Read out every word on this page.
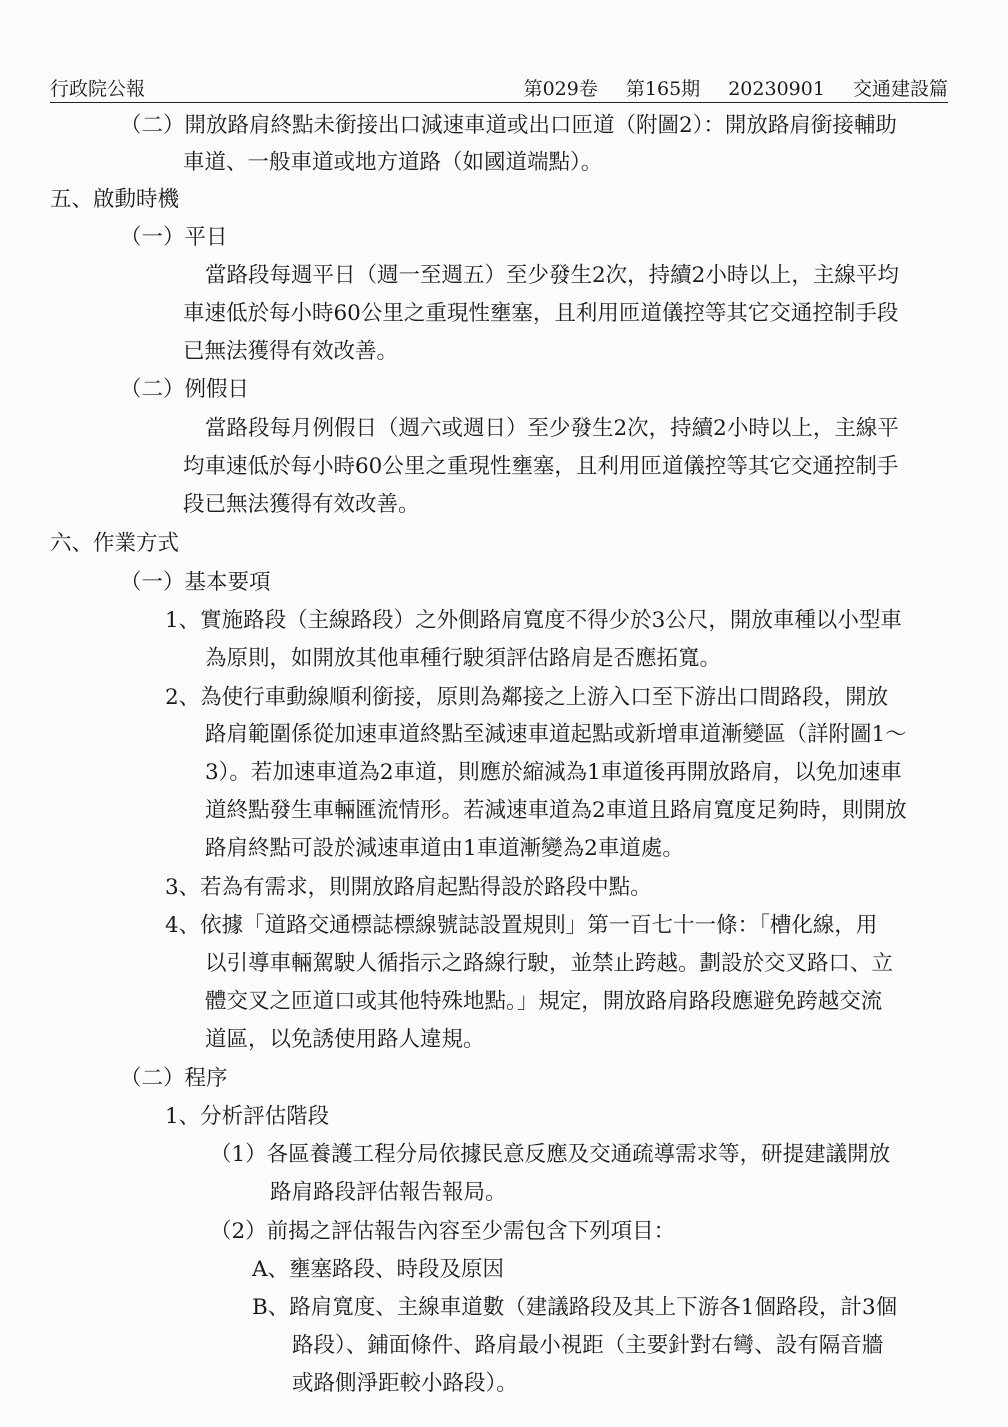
行政院公報	第029卷 第165期 20230901 交通建設篇
（二）開放路肩終點未銜接出口減速車道或出口匝道（附圖2）：開放路肩銜接輔助
車道、一般車道或地方道路（如國道端點）。
五、啟動時機
（一）平日
當路段每週平日（週一至週五）至少發生2次，持續2小時以上，主線平均
車速低於每小時60公里之重現性壅塞，且利用匝道儀控等其它交通控制手段
已無法獲得有效改善。
（二）例假日
當路段每月例假日（週六或週日）至少發生2次，持續2小時以上，主線平
均車速低於每小時60公里之重現性壅塞，且利用匝道儀控等其它交通控制手
段已無法獲得有效改善。
六、作業方式
（一）基本要項
1、實施路段（主線路段）之外側路肩寬度不得少於3公尺，開放車種以小型車
為原則，如開放其他車種行駛須評估路肩是否應拓寬。
2、為使行車動線順利銜接，原則為鄰接之上游入口至下游出口間路段，開放
路肩範圍係從加速車道終點至減速車道起點或新增車道漸變區（詳附圖1～
3）。若加速車道為2車道，則應於縮減為1車道後再開放路肩，以免加速車
道終點發生車輛匯流情形。若減速車道為2車道且路肩寬度足夠時，則開放
路肩終點可設於減速車道由1車道漸變為2車道處。
3、若為有需求，則開放路肩起點得設於路段中點。
4、依據「道路交通標誌標線號誌設置規則」第一百七十一條：「槽化線，用
以引導車輛駕駛人循指示之路線行駛，並禁止跨越。劃設於交叉路口、立
體交叉之匝道口或其他特殊地點。」規定，開放路肩路段應避免跨越交流
道區，以免誘使用路人違規。
（二）程序
1、分析評估階段
（1）各區養護工程分局依據民意反應及交通疏導需求等，研提建議開放
路肩路段評估報告報局。
（2）前揭之評估報告內容至少需包含下列項目：
A、壅塞路段、時段及原因
B、路肩寬度、主線車道數（建議路段及其上下游各1個路段，計3個
路段）、鋪面條件、路肩最小視距（主要針對右彎、設有隔音牆
或路側淨距較小路段）。
